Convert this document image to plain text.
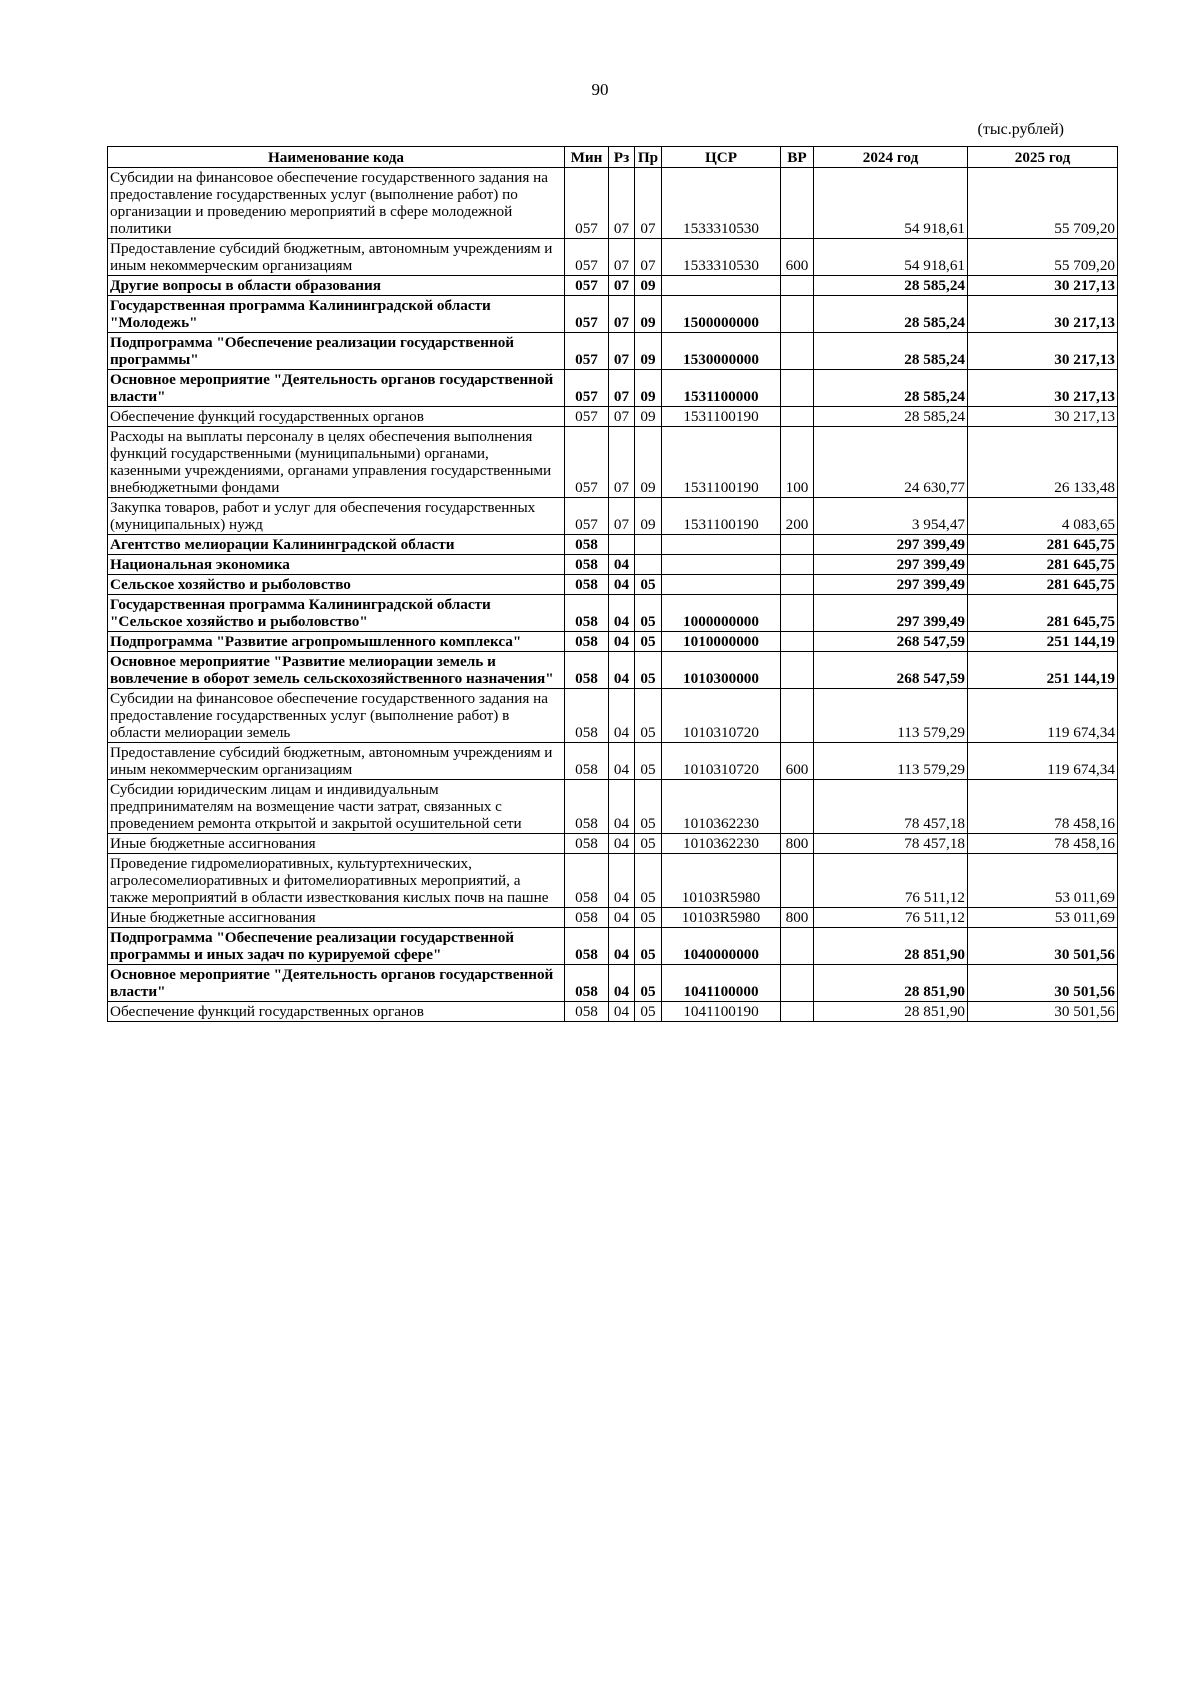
90
(тыс.рублей)
Наименование кода	Мин	Рз	Пр	ЦСР	ВР	2024 год	2025 год
Субсидии на финансовое обеспечение государственного задания на предоставление государственных услуг (выполнение работ) по организации и проведению мероприятий в сфере молодежной политики	057	07	07	1533310530		54 918,61	55 709,20
Предоставление субсидий бюджетным, автономным учреждениям и иным некоммерческим организациям	057	07	07	1533310530	600	54 918,61	55 709,20
Другие вопросы в области образования	057	07	09			28 585,24	30 217,13
Государственная программа Калининградской области "Молодежь"	057	07	09	1500000000		28 585,24	30 217,13
Подпрограмма "Обеспечение реализации государственной программы"	057	07	09	1530000000		28 585,24	30 217,13
Основное мероприятие "Деятельность органов государственной власти"	057	07	09	1531100000		28 585,24	30 217,13
Обеспечение функций государственных органов	057	07	09	1531100190		28 585,24	30 217,13
Расходы на выплаты персоналу в целях обеспечения выполнения функций государственными (муниципальными) органами, казенными учреждениями, органами управления государственными внебюджетными фондами	057	07	09	1531100190	100	24 630,77	26 133,48
Закупка товаров, работ и услуг для обеспечения государственных (муниципальных) нужд	057	07	09	1531100190	200	3 954,47	4 083,65
Агентство мелиорации Калининградской области	058					297 399,49	281 645,75
Национальная экономика	058	04				297 399,49	281 645,75
Сельское хозяйство и рыболовство	058	04	05			297 399,49	281 645,75
Государственная программа Калининградской области "Сельское хозяйство и рыболовство"	058	04	05	1000000000		297 399,49	281 645,75
Подпрограмма "Развитие агропромышленного комплекса"	058	04	05	1010000000		268 547,59	251 144,19
Основное мероприятие "Развитие мелиорации земель и вовлечение в оборот земель сельскохозяйственного назначения"	058	04	05	1010300000		268 547,59	251 144,19
Субсидии на финансовое обеспечение государственного задания на предоставление государственных услуг (выполнение работ) в области мелиорации земель	058	04	05	1010310720		113 579,29	119 674,34
Предоставление субсидий бюджетным, автономным учреждениям и иным некоммерческим организациям	058	04	05	1010310720	600	113 579,29	119 674,34
Субсидии юридическим лицам и индивидуальным предпринимателям на возмещение части затрат, связанных с проведением ремонта открытой и закрытой осушительной сети	058	04	05	1010362230		78 457,18	78 458,16
Иные бюджетные ассигнования	058	04	05	1010362230	800	78 457,18	78 458,16
Проведение гидромелиоративных, культуртехнических, агролесомелиоративных и фитомелиоративных мероприятий, а также мероприятий в области известкования кислых почв на пашне	058	04	05	10103R5980		76 511,12	53 011,69
Иные бюджетные ассигнования	058	04	05	10103R5980	800	76 511,12	53 011,69
Подпрограмма "Обеспечение реализации государственной программы и иных задач по курируемой сфере"	058	04	05	1040000000		28 851,90	30 501,56
Основное мероприятие "Деятельность органов государственной власти"	058	04	05	1041100000		28 851,90	30 501,56
Обеспечение функций государственных органов	058	04	05	1041100190		28 851,90	30 501,56
